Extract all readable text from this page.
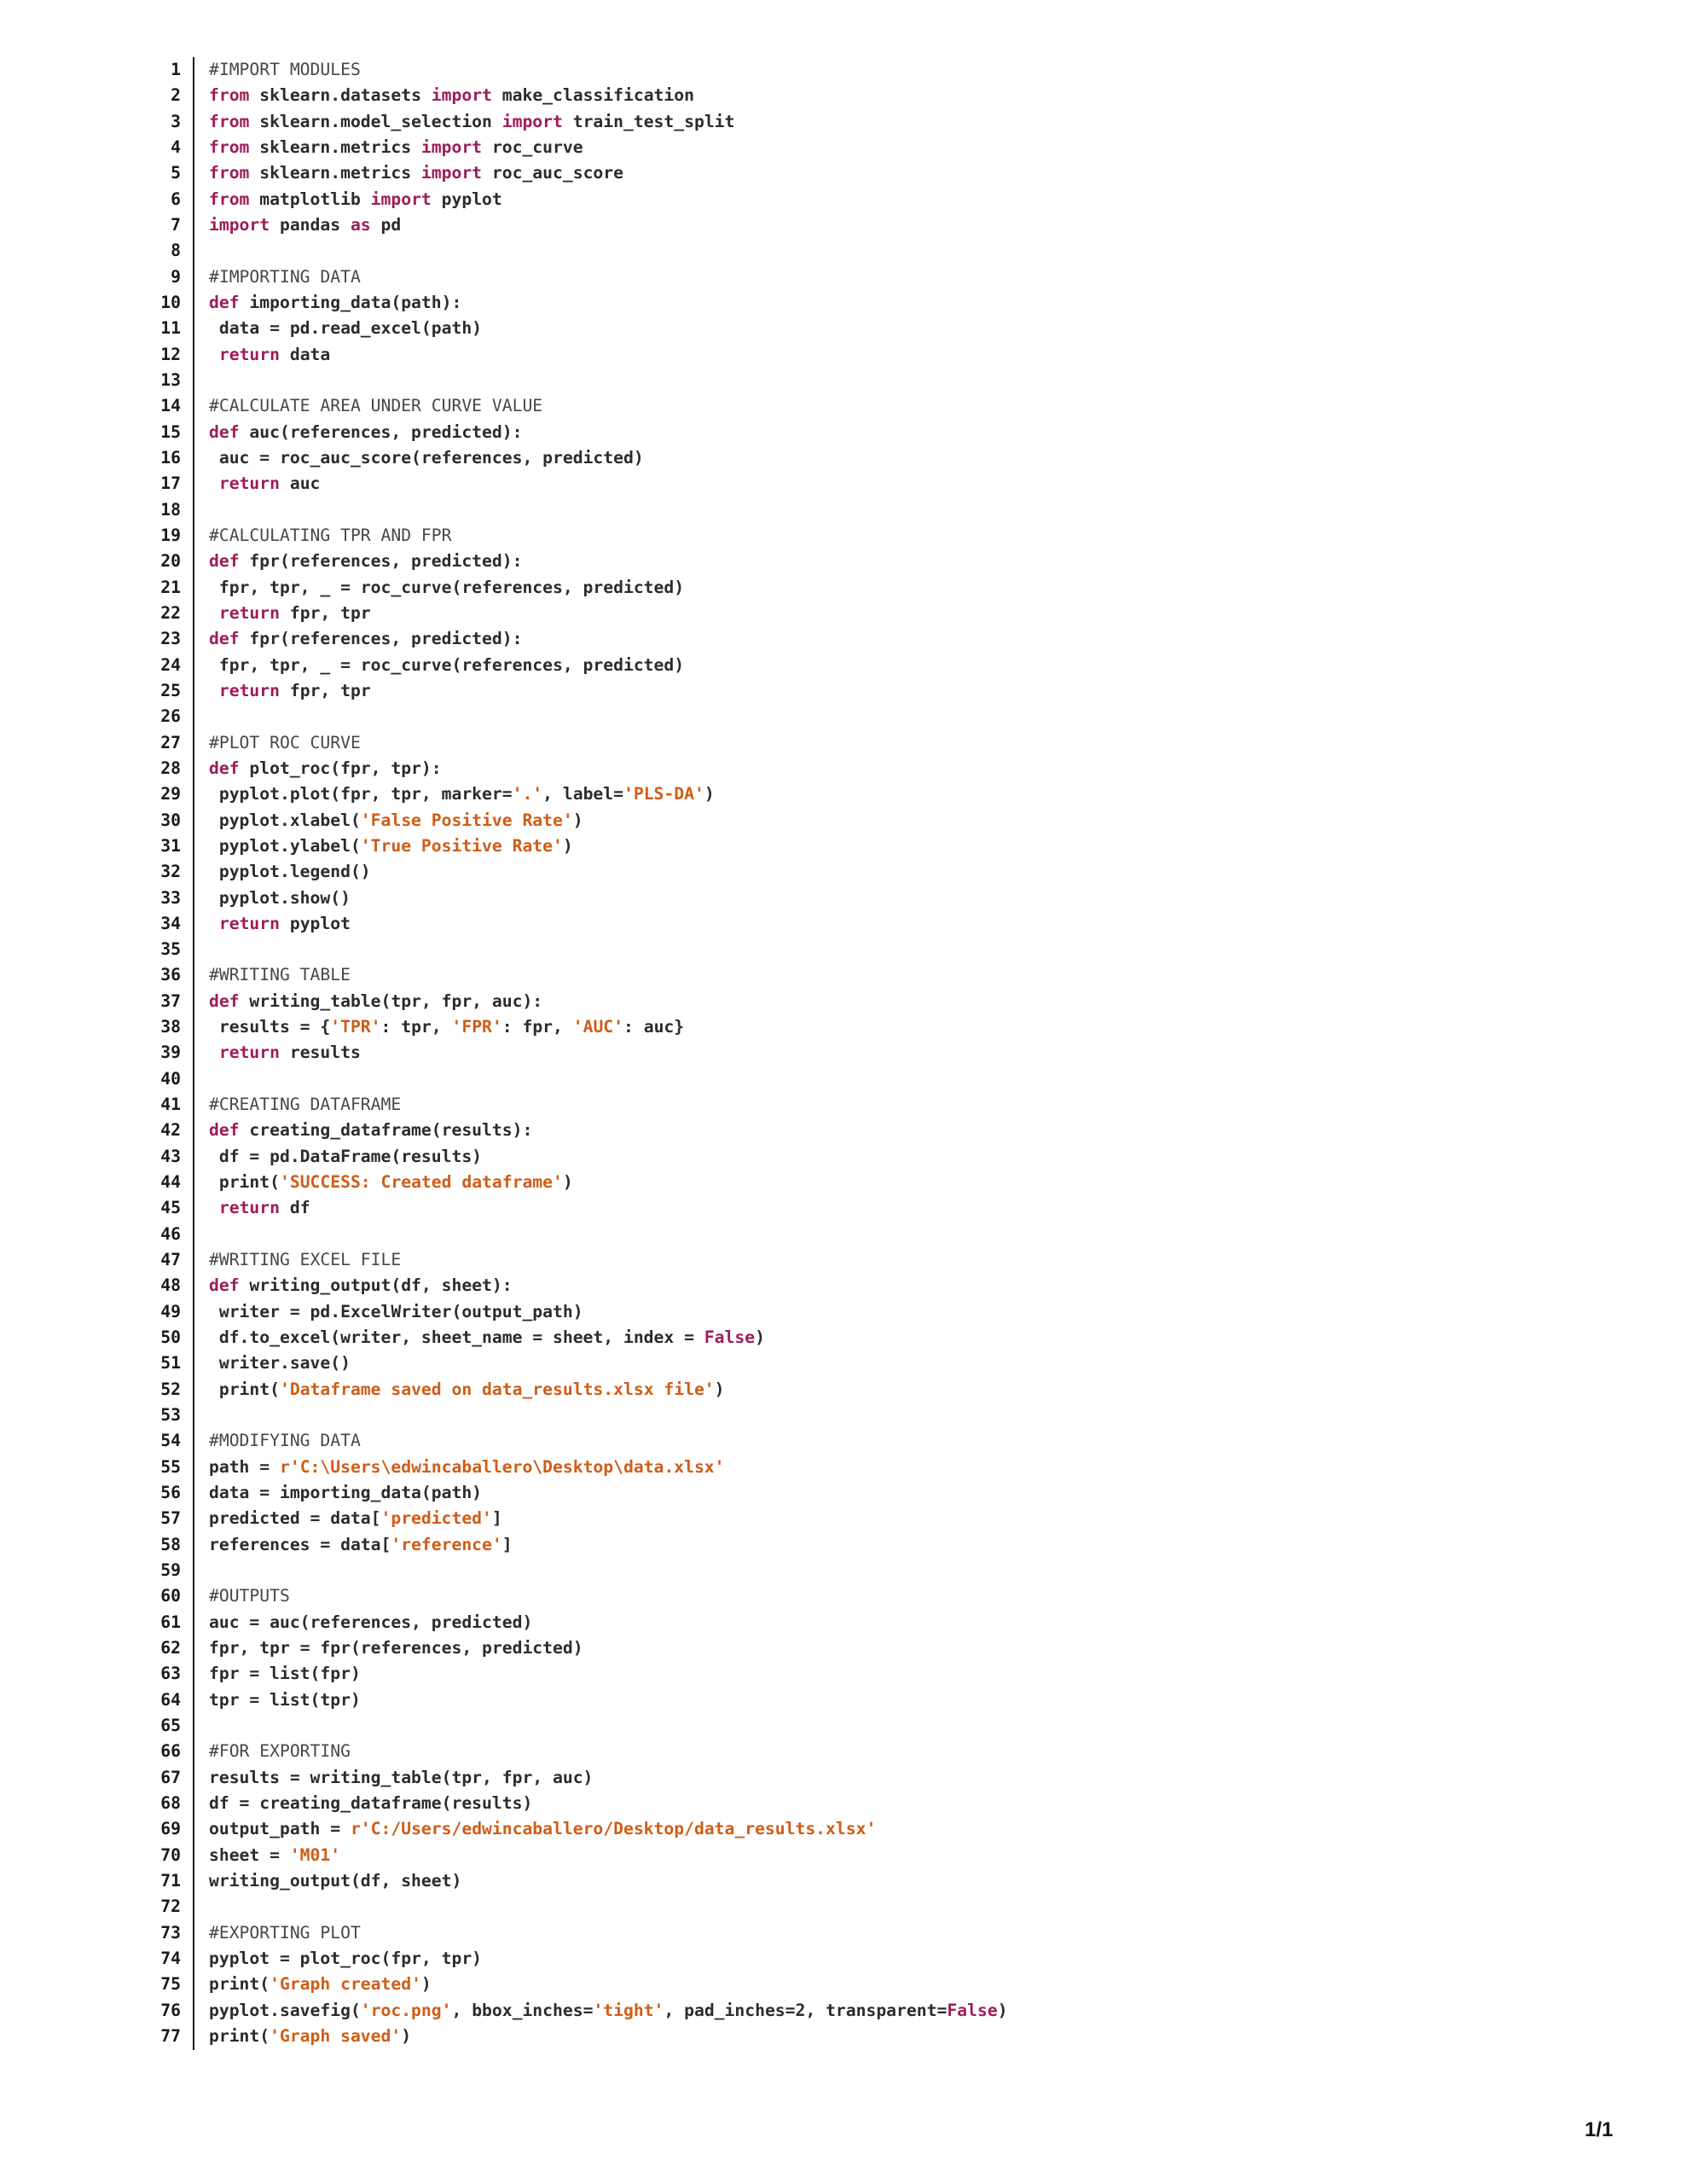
1	#IMPORT MODULES
2	from sklearn.datasets import make_classification
3	from sklearn.model_selection import train_test_split
4	from sklearn.metrics import roc_curve
5	from sklearn.metrics import roc_auc_score
6	from matplotlib import pyplot
7	import pandas as pd
8
9	#IMPORTING DATA
10	def importing_data(path):
11	data = pd.read_excel(path)
12	return data
13
14	#CALCULATE AREA UNDER CURVE VALUE
15	def auc(references, predicted):
16	auc = roc_auc_score(references, predicted)
17	return auc
18
19	#CALCULATING TPR AND FPR
20	def fpr(references, predicted):
21	fpr, tpr, _ = roc_curve(references, predicted)
22	return fpr, tpr
23	def fpr(references, predicted):
24	fpr, tpr, _ = roc_curve(references, predicted)
25	return fpr, tpr
26
27	#PLOT ROC CURVE
28	def plot_roc(fpr, tpr):
29	pyplot.plot(fpr, tpr, marker='.', label='PLS-DA')
30	pyplot.xlabel('False Positive Rate')
31	pyplot.ylabel('True Positive Rate')
32	pyplot.legend()
33	pyplot.show()
34	return pyplot
35
36	#WRITING TABLE
37	def writing_table(tpr, fpr, auc):
38	results = {'TPR': tpr, 'FPR': fpr, 'AUC': auc}
39	return results
40
41	#CREATING DATAFRAME
42	def creating_dataframe(results):
43	df = pd.DataFrame(results)
44	print('SUCCESS: Created dataframe')
45	return df
46
47	#WRITING EXCEL FILE
48	def writing_output(df, sheet):
49	writer = pd.ExcelWriter(output_path)
50	df.to_excel(writer, sheet_name = sheet, index = False)
51	writer.save()
52	print('Dataframe saved on data_results.xlsx file')
53
54	#MODIFYING DATA
55	path = r'C:\Users\edwincaballero\Desktop\data.xlsx'
56	data = importing_data(path)
57	predicted = data['predicted']
58	references = data['reference']
59
60	#OUTPUTS
61	auc = auc(references, predicted)
62	fpr, tpr = fpr(references, predicted)
63	fpr = list(fpr)
64	tpr = list(tpr)
65
66	#FOR EXPORTING
67	results = writing_table(tpr, fpr, auc)
68	df = creating_dataframe(results)
69	output_path = r'C:/Users/edwincaballero/Desktop/data_results.xlsx'
70	sheet = 'M01'
71	writing_output(df, sheet)
72
73	#EXPORTING PLOT
74	pyplot = plot_roc(fpr, tpr)
75	print('Graph created')
76	pyplot.savefig('roc.png', bbox_inches='tight', pad_inches=2, transparent=False)
77	print('Graph saved')
1/1
